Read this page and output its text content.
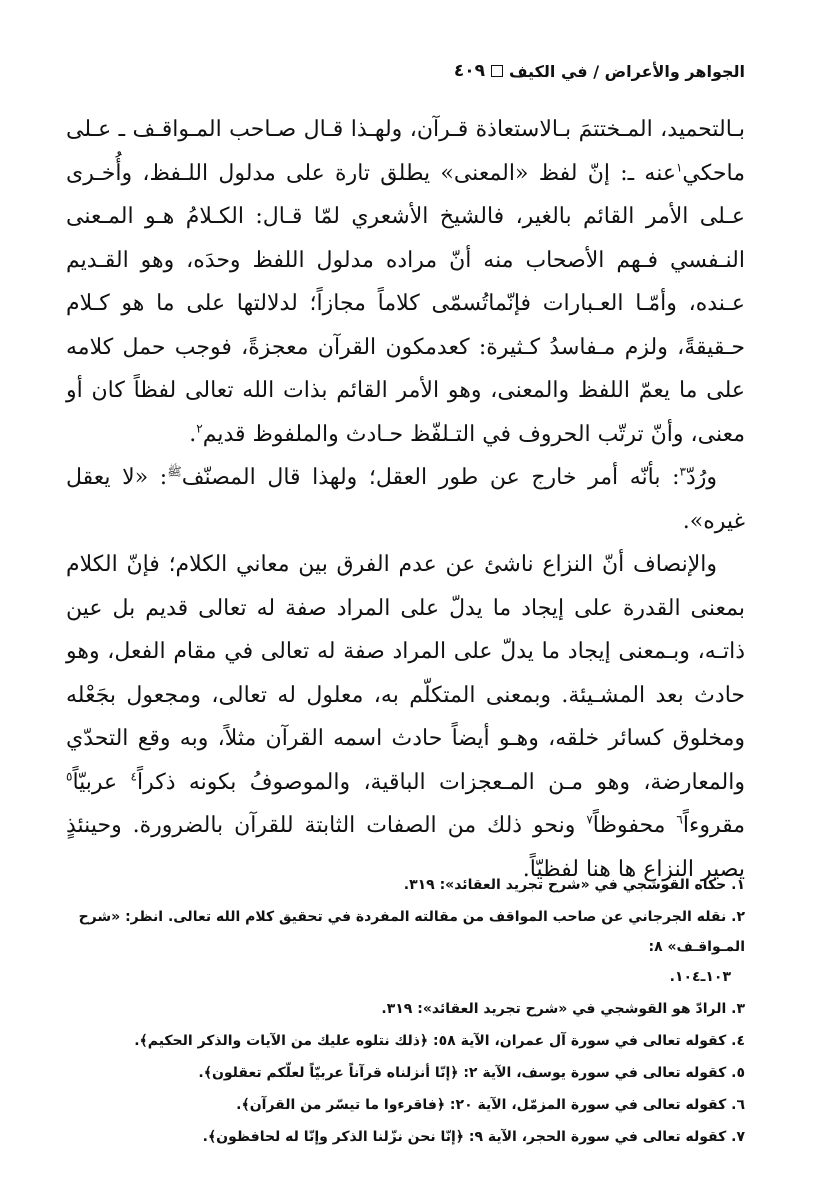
الجواهر والأعراض / في الكيف
٤٠٩

بـالتحميد، المـختتمَ بـالاستعاذة قـرآن، ولهـذا قـال صـاحب المـواقـف ـ عـلى ماحكي$^١$عنه ـ: إنّ لفظ «المعنى» يطلق تارة على مدلول اللـفظ، وأُخـرى عـلى الأمر القائم بالغير، فالشيخ الأشعري لمّا قـال: الكـلامُ هـو المـعنى النـفسي فـهم الأصحاب منه أنّ مراده مدلول اللفظ وحدَه، وهو القـديم عـنده، وأمّـا العـبارات فإنّماتُسمّى كلاماً مجازاً؛ لدلالتها على ما هو كـلام حـقيقةً، ولزم مـفاسدُ كـثيرة: كعدمكون القرآن معجزةً، فوجب حمل كلامه على ما يعمّ اللفظ والمعنى، وهو الأمر القائم بذات الله تعالى لفظاً كان أو معنى، وأنّ ترتّب الحروف في التـلفّظ حـادث والملفوظ قديم$^٢$.

ورُدّ$^٣$: بأنّه أمر خارج عن طور العقل؛ ولهذا قال المصنّف$^ﷺ$: «لا يعقل غيره».

والإنصاف أنّ النزاع ناشئ عن عدم الفرق بين معاني الكلام؛ فإنّ الكلام بمعنى القدرة على إيجاد ما يدلّ على المراد صفة له تعالى قديم بل عين ذاتـه، وبـمعنى إيجاد ما يدلّ على المراد صفة له تعالى في مقام الفعل، وهو حادث بعد المشـيئة. وبمعنى المتكلّم به، معلول له تعالى، ومجعول بجَعْله ومخلوق كسائر خلقه، وهـو أيضاً حادث اسمه القرآن مثلاً، وبه وقع التحدّي والمعارضة، وهو مـن المـعجزات الباقية، والموصوفُ بكونه ذكراً$^٤$ عربيّاً$^٥$ مقروءاً$^٦$ محفوظاً$^٧$ ونحو ذلك من الصفات الثابتة للقرآن بالضرورة. وحينئذٍ يصير النزاع ها هنا لفظيّاً.

١. حكاه القوشجي في «شرح تجريد العقائد»: ٣١٩.

٢. نقله الجرجاني عن صاحب المواقف من مقالته المفردة في تحقيق كلام الله تعالى. انظر: «شرح المـواقـف» ٨:
١٠٣ـ١٠٤.

٣. الرادّ هو القوشجي في «شرح تجريد العقائد»: ٣١٩.

٤. كقوله تعالى في سورة آل عمران، الآية ٥٨: ﴿ذلك نتلوه عليك من الآيات والذكر الحكيم﴾.

٥. كقوله تعالى في سورة يوسف، الآية ٢: ﴿إنّا أنزلناه قرآناً عربيّاً لعلّكم تعقلون﴾.

٦. كقوله تعالى في سورة المزمّل، الآية ٢٠: ﴿فاقرءوا ما تيسّر من القرآن﴾.

٧. كقوله تعالى في سورة الحجر، الآية ٩: ﴿إنّا نحن نزّلنا الذكر وإنّا له لحافظون﴾.
